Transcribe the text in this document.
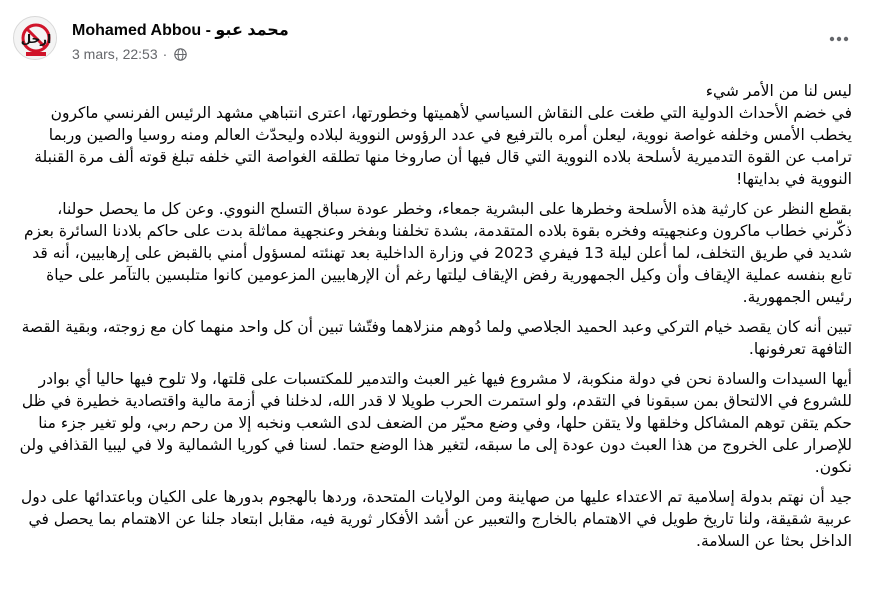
ارحل Mohamed Abbou - محمد عبو
3 mars, 22:53 ·

ليس لنا من الأمر شيء

في خضم الأحداث الدولية التي طغت على النقاش السياسي لأهميتها وخطورتها، اعترى انتباهي مشهد الرئيس الفرنسي ماكرون يخطب الأمس وخلفه غواصة نووية، ليعلن أمره بالترفيع في عدد الرؤوس النووية لبلاده وليحدّث العالم ومنه روسيا والصين وربما ترامب عن القوة التدميرية لأسلحة بلاده النووية التي قال فيها أن صاروخا منها تطلقه الغواصة التي خلفه تبلغ قوته ألف مرة القنبلة النووية في بدايتها!

بقطع النظر عن كارثية هذه الأسلحة وخطرها على البشرية جمعاء، وخطر عودة سباق التسلح النووي. وعن كل ما يحصل حولنا، ذكّرني خطاب ماكرون وعنجهيته وفخره بقوة بلاده المتقدمة، بشدة تخلفنا وبفخر وعنجهية مماثلة بدت على حاكم بلادنا السائرة بعزم شديد في طريق التخلف، لما أعلن ليلة 13 فيفري 2023 في وزارة الداخلية بعد تهنئته لمسؤول أمني بالقبض على إرهابيين، أنه قد تابع بنفسه عملية الإيقاف وأن وكيل الجمهورية رفض الإيقاف ليلتها رغم أن الإرهابيين المزعومين كانوا متلبسين بالتآمر على حياة رئيس الجمهورية.

تبين أنه كان يقصد خيام التركي وعبد الحميد الجلاصي ولما دُوهم منزلاهما وفتّشا تبين أن كل واحد منهما كان مع زوجته، وبقية القصة التافهة تعرفونها.

أيها السيدات والسادة نحن في دولة منكوبة، لا مشروع فيها غير العبث والتدمير للمكتسبات على قلتها، ولا تلوح فيها حاليا أي بوادر للشروع في الالتحاق بمن سبقونا في التقدم، ولو استمرت الحرب طويلا لا قدر الله، لدخلنا في أزمة مالية واقتصادية خطيرة في ظل حكم يتقن توهم المشاكل وخلقها ولا يتقن حلها، وفي وضع محيّر من الضعف لدى الشعب ونخبه إلا من رحم ربي، ولو تغير جزء منا للإصرار على الخروج من هذا العبث دون عودة إلى ما سبقه، لتغير هذا الوضع حتما. لسنا في كوريا الشمالية ولا في ليبيا القذافي ولن نكون.

جيد أن نهتم بدولة إسلامية تم الاعتداء عليها من صهاينة ومن الولايات المتحدة، وردها بالهجوم بدورها على الكيان وباعتدائها على دول عربية شقيقة، ولنا تاريخ طويل في الاهتمام بالخارج والتعبير عن أشد الأفكار ثورية فيه، مقابل ابتعاد جلنا عن الاهتمام بما يحصل في الداخل بحثا عن السلامة.
